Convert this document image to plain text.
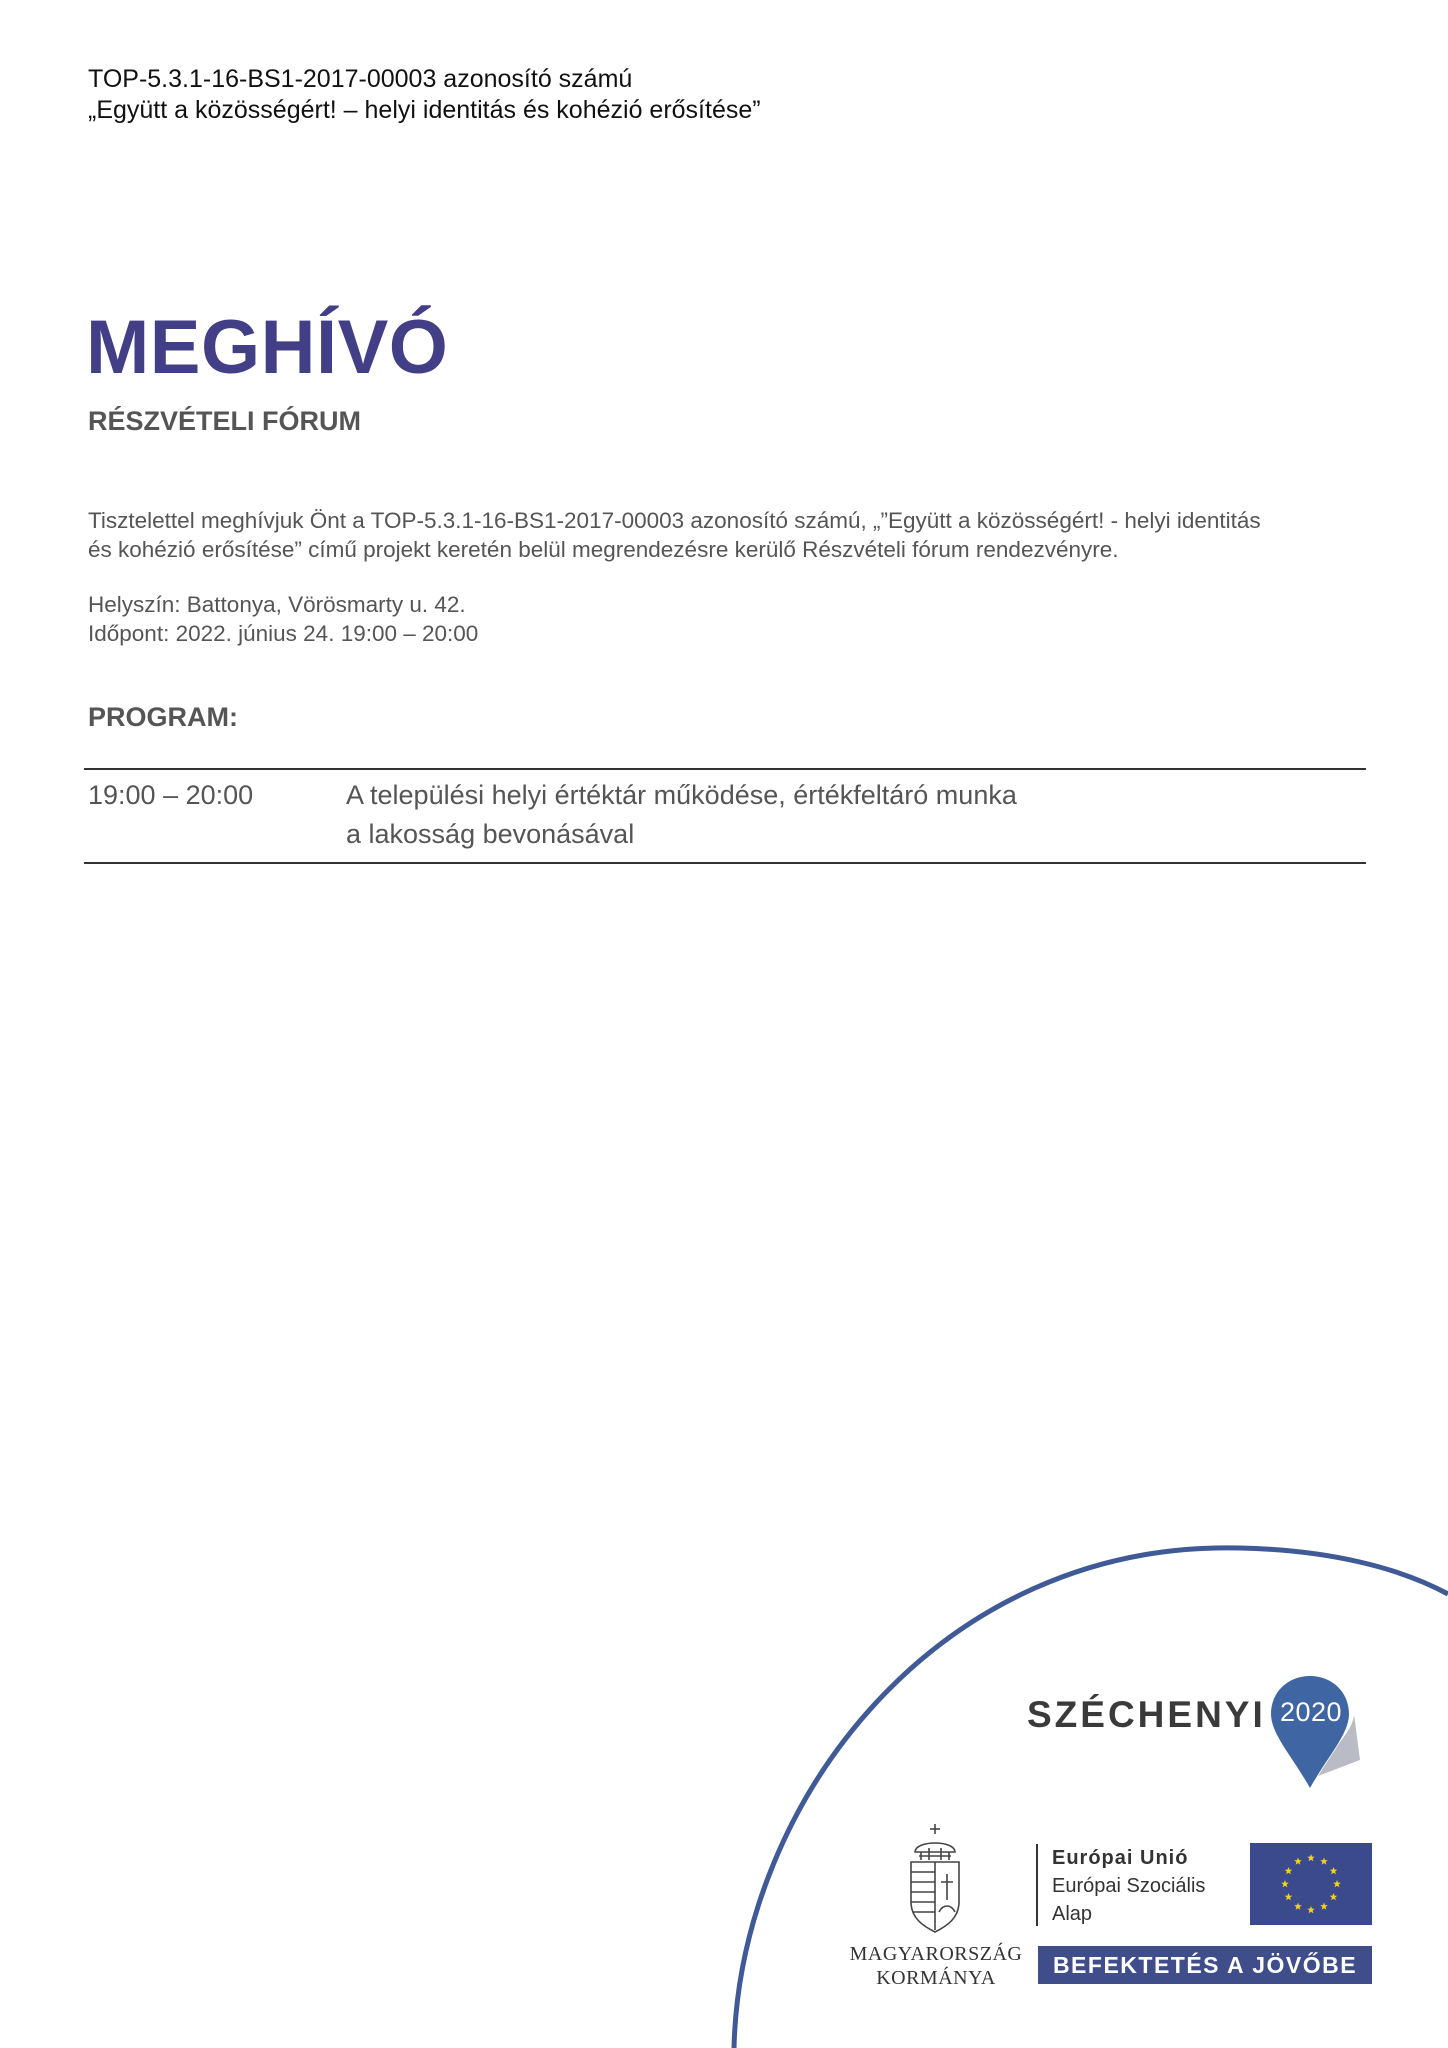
TOP-5.3.1-16-BS1-2017-00003 azonosító számú
„Együtt a közösségért! – helyi identitás és kohézió erősítése”
MEGHÍVÓ
RÉSZVÉTELI FÓRUM
Tisztelettel meghívjuk Önt a TOP-5.3.1-16-BS1-2017-00003 azonosító számú, „”Együtt a közösségért! - helyi identitás
és kohézió erősítése” című projekt keretén belül megrendezésre kerülő Részvételi fórum rendezvényre.
Helyszín: Battonya, Vörösmarty u. 42.
Időpont: 2022. június 24. 19:00 – 20:00
PROGRAM:
19:00 – 20:00	A települési helyi értéktár működése, értékfeltáró munka
a lakosság bevonásával
SZÉCHENYI 2020
MAGYARORSZÁG
KORMÁNYA
Európai Unió
Európai Szociális
Alap
BEFEKTETÉS A JÖVŐBE
